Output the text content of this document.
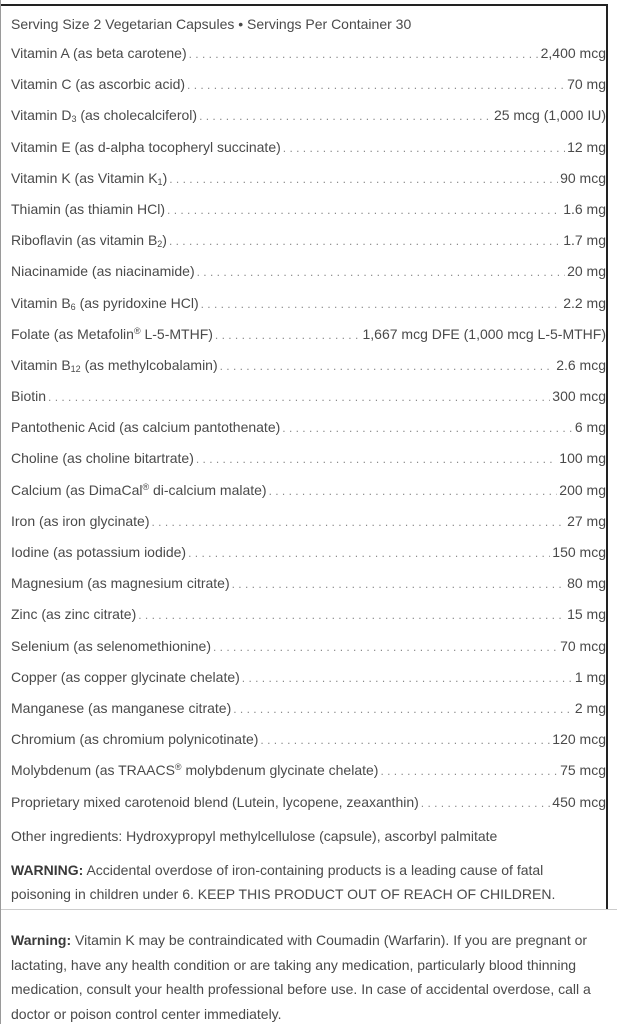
Serving Size 2 Vegetarian Capsules • Servings Per Container 30
Vitamin A (as beta carotene) . . .	2,400 mcg
Vitamin C (as ascorbic acid) . . .	70 mg
Vitamin $D_3$ (as cholecalciferol) . . .	25 mcg (1,000 IU)
Vitamin E (as d-alpha tocopheryl succinate) . . .	12 mg
Vitamin K (as Vitamin $K_1$) . . .	90 mcg
Thiamin (as thiamin HCl) . . .	1.6 mg
Riboflavin (as vitamin $B_2$) . . .	1.7 mg
Niacinamide (as niacinamide) . . .	20 mg
Vitamin $B_6$ (as pyridoxine HCl) . . .	2.2 mg
Folate (as Metafolin® L-5-MTHF) . . .	1,667 mcg DFE (1,000 mcg L-5-MTHF)
Vitamin $B_{12}$ (as methylcobalamin) . . .	2.6 mcg
Biotin . . .	300 mcg
Pantothenic Acid (as calcium pantothenate) . . .	6 mg
Choline (as choline bitartrate) . . .	100 mg
Calcium (as DimaCal® di-calcium malate) . . .	200 mg
Iron (as iron glycinate) . . .	27 mg
Iodine (as potassium iodide) . . .	150 mcg
Magnesium (as magnesium citrate) . . .	80 mg
Zinc (as zinc citrate) . . .	15 mg
Selenium (as selenomethionine) . . .	70 mcg
Copper (as copper glycinate chelate) . . .	1 mg
Manganese (as manganese citrate) . . .	2 mg
Chromium (as chromium polynicotinate) . . .	120 mcg
Molybdenum (as TRAACS® molybdenum glycinate chelate) . . .	75 mcg
Proprietary mixed carotenoid blend (Lutein, lycopene, zeaxanthin) . . .	450 mcg
Other ingredients: Hydroxypropyl methylcellulose (capsule), ascorbyl palmitate
WARNING: Accidental overdose of iron-containing products is a leading cause of fatal poisoning in children under 6. KEEP THIS PRODUCT OUT OF REACH OF CHILDREN.
Warning: Vitamin K may be contraindicated with Coumadin (Warfarin). If you are pregnant or lactating, have any health condition or are taking any medication, particularly blood thinning medication, consult your health professional before use. In case of accidental overdose, call a doctor or poison control center immediately.
